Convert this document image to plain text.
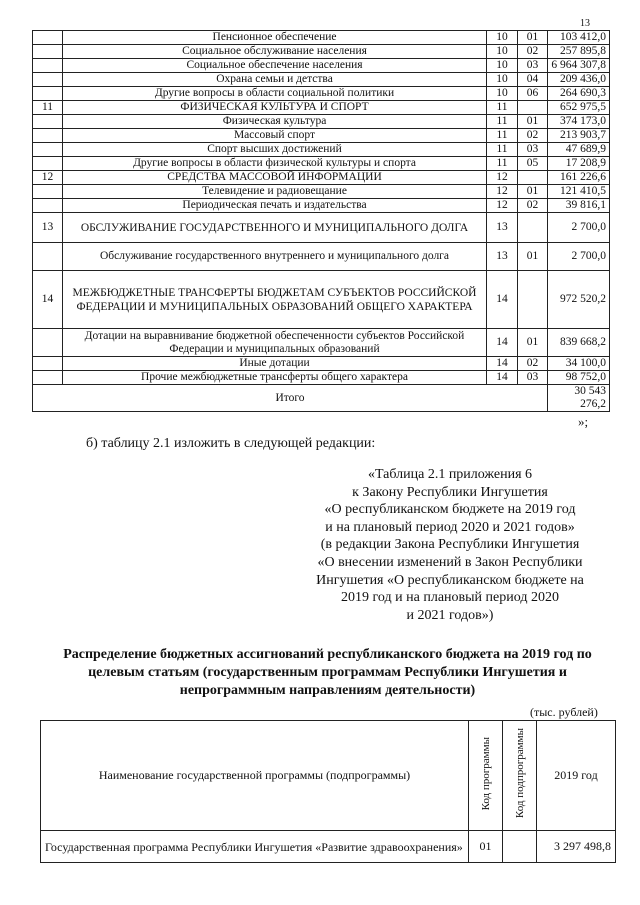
13
	Пенсионное обеспечение	10	01	103 412,0
	Социальное обслуживание населения	10	02	257 895,8
	Социальное обеспечение населения	10	03	6 964 307,8
	Охрана семьи и детства	10	04	209 436,0
	Другие вопросы в области социальной политики	10	06	264 690,3
11	ФИЗИЧЕСКАЯ КУЛЬТУРА И СПОРТ	11		652 975,5
	Физическая культура	11	01	374 173,0
	Массовый спорт	11	02	213 903,7
	Спорт высших достижений	11	03	47 689,9
	Другие вопросы в области физической культуры и спорта	11	05	17 208,9
12	СРЕДСТВА МАССОВОЙ ИНФОРМАЦИИ	12		161 226,6
	Телевидение и радиовещание	12	01	121 410,5
	Периодическая печать и издательства	12	02	39 816,1
13	ОБСЛУЖИВАНИЕ ГОСУДАРСТВЕННОГО И МУНИЦИПАЛЬНОГО ДОЛГА	13		2 700,0
	Обслуживание государственного внутреннего и муниципального долга	13	01	2 700,0
14	МЕЖБЮДЖЕТНЫЕ ТРАНСФЕРТЫ БЮДЖЕТАМ СУБЪЕКТОВ РОССИЙСКОЙ ФЕДЕРАЦИИ И МУНИЦИПАЛЬНЫХ ОБРАЗОВАНИЙ ОБЩЕГО ХАРАКТЕРА	14		972 520,2
	Дотации на выравнивание бюджетной обеспеченности субъектов Российской Федерации и муниципальных образований	14	01	839 668,2
	Иные дотации	14	02	34 100,0
	Прочие межбюджетные трансферты общего характера	14	03	98 752,0
Итого				30 543 276,2
»;
б) таблицу 2.1 изложить в следующей редакции:
«Таблица 2.1 приложения 6
к Закону Республики Ингушетия
«О республиканском бюджете на 2019 год
и на плановый период 2020 и 2021 годов»
(в редакции Закона Республики Ингушетия
«О внесении изменений в Закон Республики
Ингушетия «О республиканском бюджете на
2019 год и на плановый период 2020
и 2021 годов»)
Распределение бюджетных ассигнований республиканского бюджета на 2019 год по целевым статьям (государственным программам Республики Ингушетия и непрограммным направлениям деятельности)
(тыс. рублей)
Наименование государственной программы (подпрограммы)	Код программы	Код подпрограммы	2019 год
Государственная программа Республики Ингушетия «Развитие здравоохранения»	01		3 297 498,8
